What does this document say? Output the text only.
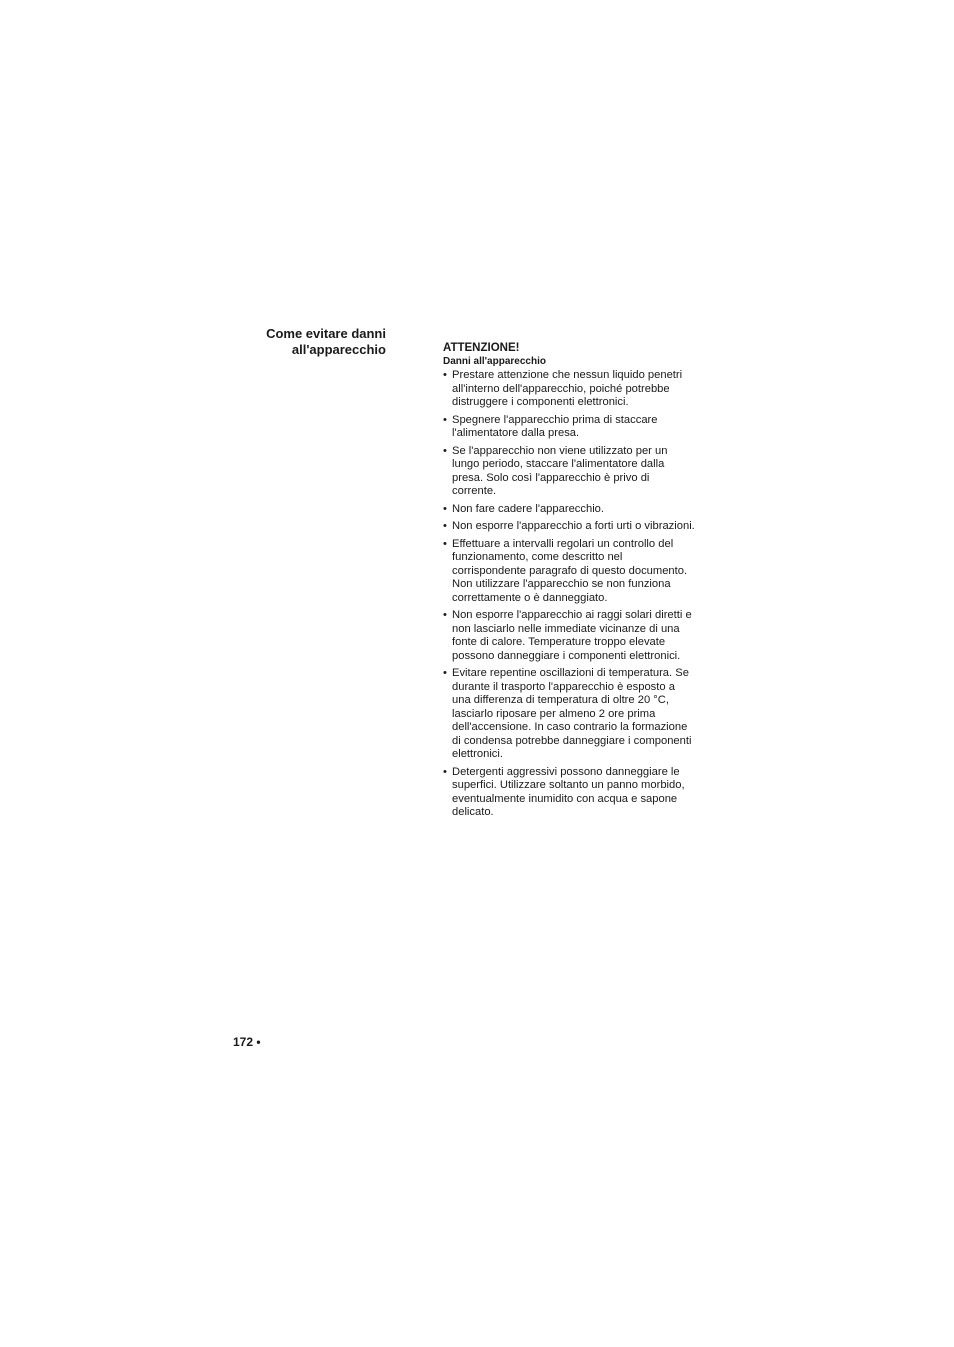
Come evitare danni
all'apparecchio	ATTENZIONE!
Danni all'apparecchio
• Prestare attenzione che nessun liquido penetri all'interno dell'apparecchio, poiché potrebbe distruggere i componenti elettronici.
• Spegnere l'apparecchio prima di staccare l'alimentatore dalla presa.
• Se l'apparecchio non viene utilizzato per un lungo periodo, staccare l'alimentatore dalla presa. Solo così l'apparecchio è privo di corrente.
• Non fare cadere l'apparecchio.
• Non esporre l'apparecchio a forti urti o vibrazioni.
• Effettuare a intervalli regolari un controllo del funzionamento, come descritto nel corrispondente paragrafo di questo documento. Non utilizzare l'apparecchio se non funziona correttamente o è danneggiato.
• Non esporre l'apparecchio ai raggi solari diretti e non lasciarlo nelle immediate vicinanze di una fonte di calore. Temperature troppo elevate possono danneggiare i componenti elettronici.
• Evitare repentine oscillazioni di temperatura. Se durante il trasporto l'apparecchio è esposto a una differenza di temperatura di oltre 20 °C, lasciarlo riposare per almeno 2 ore prima dell'accensione. In caso contrario la formazione di condensa potrebbe danneggiare i componenti elettronici.
• Detergenti aggressivi possono danneggiare le superfici. Utilizzare soltanto un panno morbido, eventualmente inumidito con acqua e sapone delicato.
172 •
